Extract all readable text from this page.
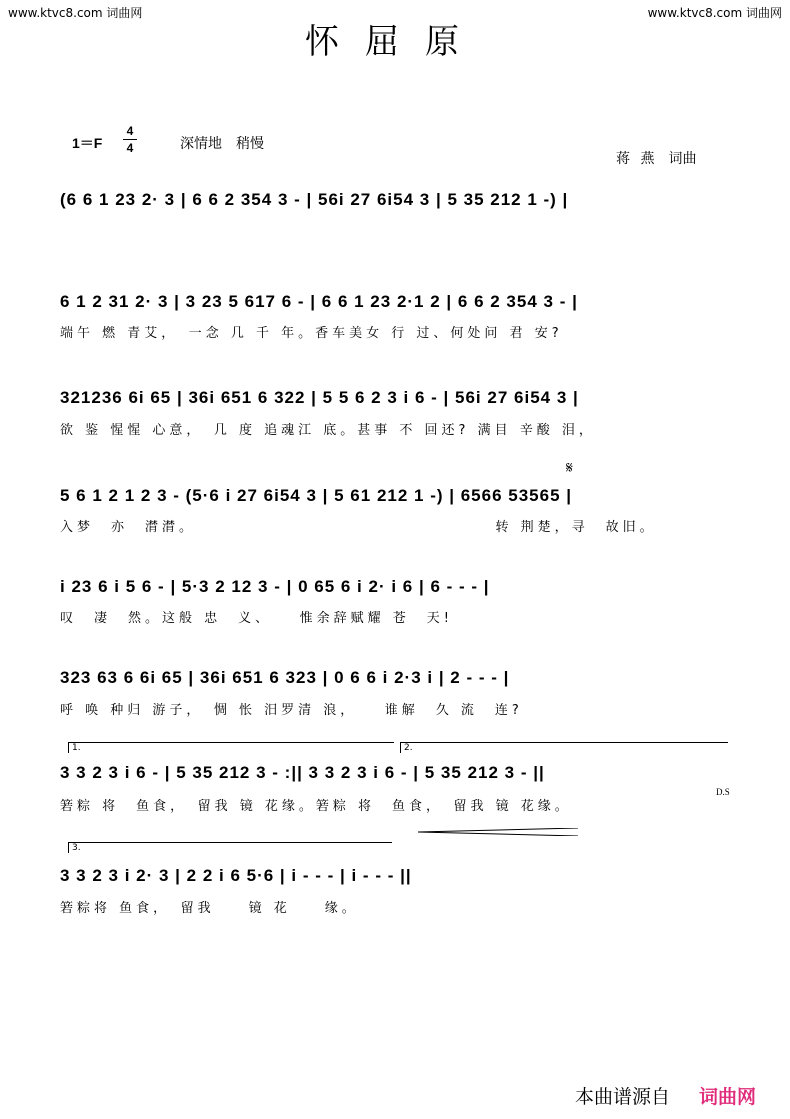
www.ktvc8.com 词曲网	www.ktvc8.com 词曲网
怀屈原
1＝F
4
4	深情地　稍慢
蒋 燕　词曲
(6 6 1 23 2· 3 | 6 6 2 354 3 - | 56i 27 6i54 3 | 5 35 212 1 -) |
6 1 2 31 2· 3 | 3 23 5 617 6 - | 6 6 1 23 2·1 2 | 6 6 2 354 3 - |
端午 燃 青艾，　一念 几 千 年。香车美女 行 过、何处问 君 安?
321236 6i 65 | 36i 651 6 322 | 5 5 6 2 3 i 6 - | 56i 27 6i54 3 |
欲 鉴 惺惺 心意，　几 度 追魂江 底。甚事 不 回还? 满目 辛酸 泪，
𝄋
5 6 1 2 1 2 3 - (5·6 i 27 6i54 3 | 5 61 212 1 -) | 6566 53565 |
入梦　亦　潸潸。　　　　　　　　　　　　　　　　　　转 荆楚，寻　故旧。
i 23 6 i 5 6 - | 5·3 2 12 3 - | 0 65 6 i 2· i 6 | 6 - - - |
叹　凄　然。这般 忠　义、　　惟余辞赋耀 苍　天!
323 63 6 6i 65 | 36i 651 6 323 | 0 6 6 i 2·3 i | 2 - - - |
呼 唤 种归 游子，　惆 怅 汨罗清 浪，　　谁解　久 流　连?
1.	2.
3 3 2 3 i 6 - | 5 35 212 3 - :|| 3 3 2 3 i 6 - | 5 35 212 3 - ||
D.S
箬粽 将　鱼食，　留我 镜 花缘。箬粽 将　鱼食，　留我 镜 花缘。
3.
3 3 2 3 i 2· 3 | 2 2 i 6 5·6 | i - - - | i - - - ||
箬粽将 鱼食，　留我　　镜 花　　缘。
本曲谱源自 词曲网
